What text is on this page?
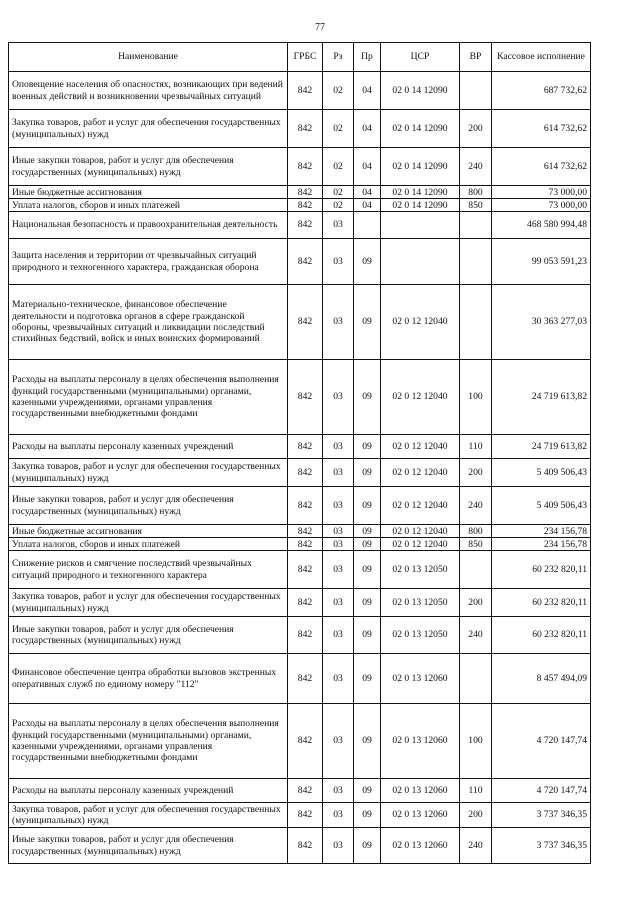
77
Наименование	ГРБС	Рз	Пр	ЦСР	ВР	Кассовое исполнение
Оповещение населения об опасностях, возникающих при ведений военных действий и возникновении чрезвычайных ситуаций	842	02	04	02 0 14 12090		687 732,62
Закупка товаров, работ и услуг для обеспечения государственных (муниципальных) нужд	842	02	04	02 0 14 12090	200	614 732,62
Иные закупки товаров, работ и услуг для обеспечения государственных (муниципальных) нужд	842	02	04	02 0 14 12090	240	614 732,62
Иные бюджетные ассигнования	842	02	04	02 0 14 12090	800	73 000,00
Уплата налогов, сборов и иных платежей	842	02	04	02 0 14 12090	850	73 000,00
Национальная безопасность и правоохранительная деятельность	842	03				468 580 994,48
Защита населения и территории от чрезвычайных ситуаций природного и техногенного характера, гражданская оборона	842	03	09			99 053 591,23
Материально-техническое, финансовое обеспечение деятельности и подготовка органов в сфере гражданской обороны, чрезвычайных ситуаций и ликвидации последствий стихийных бедствий, войск и иных воинских формирований	842	03	09	02 0 12 12040		30 363 277,03
Расходы на выплаты персоналу в целях обеспечения выполнения функций государственными (муниципальными) органами, казенными учреждениями, органами управления государственными внебюджетными фондами	842	03	09	02 0 12 12040	100	24 719 613,82
Расходы на выплаты персоналу казенных учреждений	842	03	09	02 0 12 12040	110	24 719 613,82
Закупка товаров, работ и услуг для обеспечения государственных (муниципальных) нужд	842	03	09	02 0 12 12040	200	5 409 506,43
Иные закупки товаров, работ и услуг для обеспечения государственных (муниципальных) нужд	842	03	09	02 0 12 12040	240	5 409 506,43
Иные бюджетные ассигнования	842	03	09	02 0 12 12040	800	234 156,78
Уплата налогов, сборов и иных платежей	842	03	09	02 0 12 12040	850	234 156,78
Снижение рисков и смягчение последствий чрезвычайных ситуаций природного и техногенного характера	842	03	09	02 0 13 12050		60 232 820,11
Закупка товаров, работ и услуг для обеспечения государственных (муниципальных) нужд	842	03	09	02 0 13 12050	200	60 232 820,11
Иные закупки товаров, работ и услуг для обеспечения государственных (муниципальных) нужд	842	03	09	02 0 13 12050	240	60 232 820,11
Финансовое обеспечение центра обработки вызовов экстренных оперативных служб по единому номеру "112"	842	03	09	02 0 13 12060		8 457 494,09
Расходы на выплаты персоналу в целях обеспечения выполнения функций государственными (муниципальными) органами, казенными учреждениями, органами управления государственными внебюджетными фондами	842	03	09	02 0 13 12060	100	4 720 147,74
Расходы на выплаты персоналу казенных учреждений	842	03	09	02 0 13 12060	110	4 720 147,74
Закупка товаров, работ и услуг для обеспечения государственных (муниципальных) нужд	842	03	09	02 0 13 12060	200	3 737 346,35
Иные закупки товаров, работ и услуг для обеспечения государственных (муниципальных) нужд	842	03	09	02 0 13 12060	240	3 737 346,35
